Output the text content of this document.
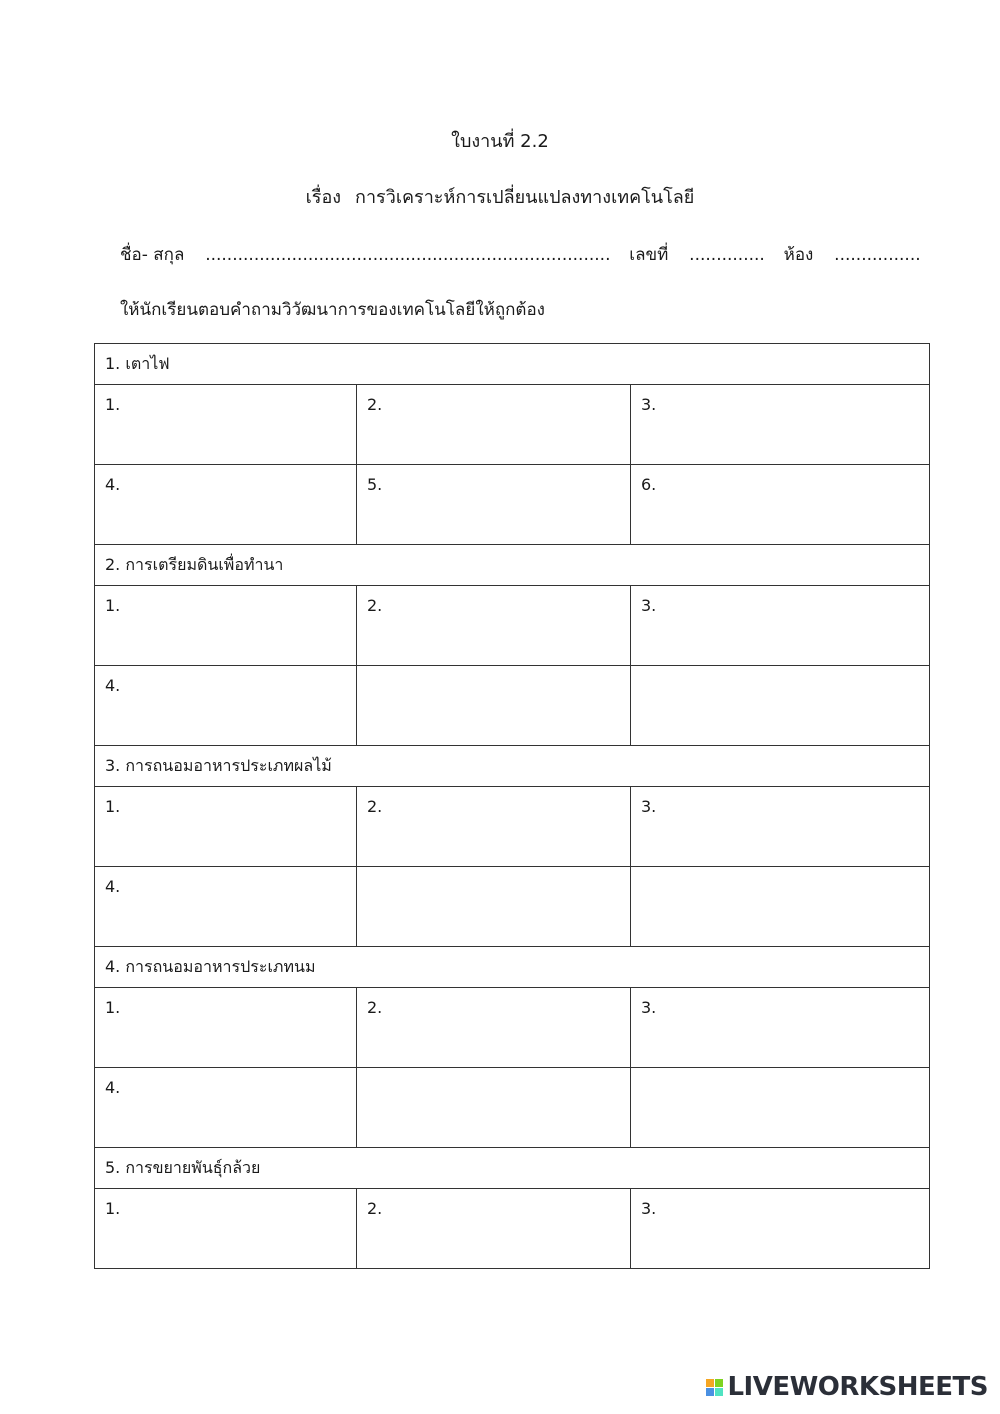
ใบงานที่ 2.2
เรื่อง การวิเคราะห์การเปลี่ยนแปลงทางเทคโนโลยี
ชื่อ- สกุล ........................................................................... เลขที่ .............. ห้อง ................
ให้นักเรียนตอบคำถามวิวัฒนาการของเทคโนโลยีให้ถูกต้อง
1. เตาไฟ		
1.	2.	3.
4.	5.	6.
2. การเตรียมดินเพื่อทำนา		
1.	2.	3.
4.		
3. การถนอมอาหารประเภทผลไม้		
1.	2.	3.
4.		
4. การถนอมอาหารประเภทนม		
1.	2.	3.
4.		
5. การขยายพันธุ์กล้วย		
1.	2.	3.
LIVEWORKSHEETS
